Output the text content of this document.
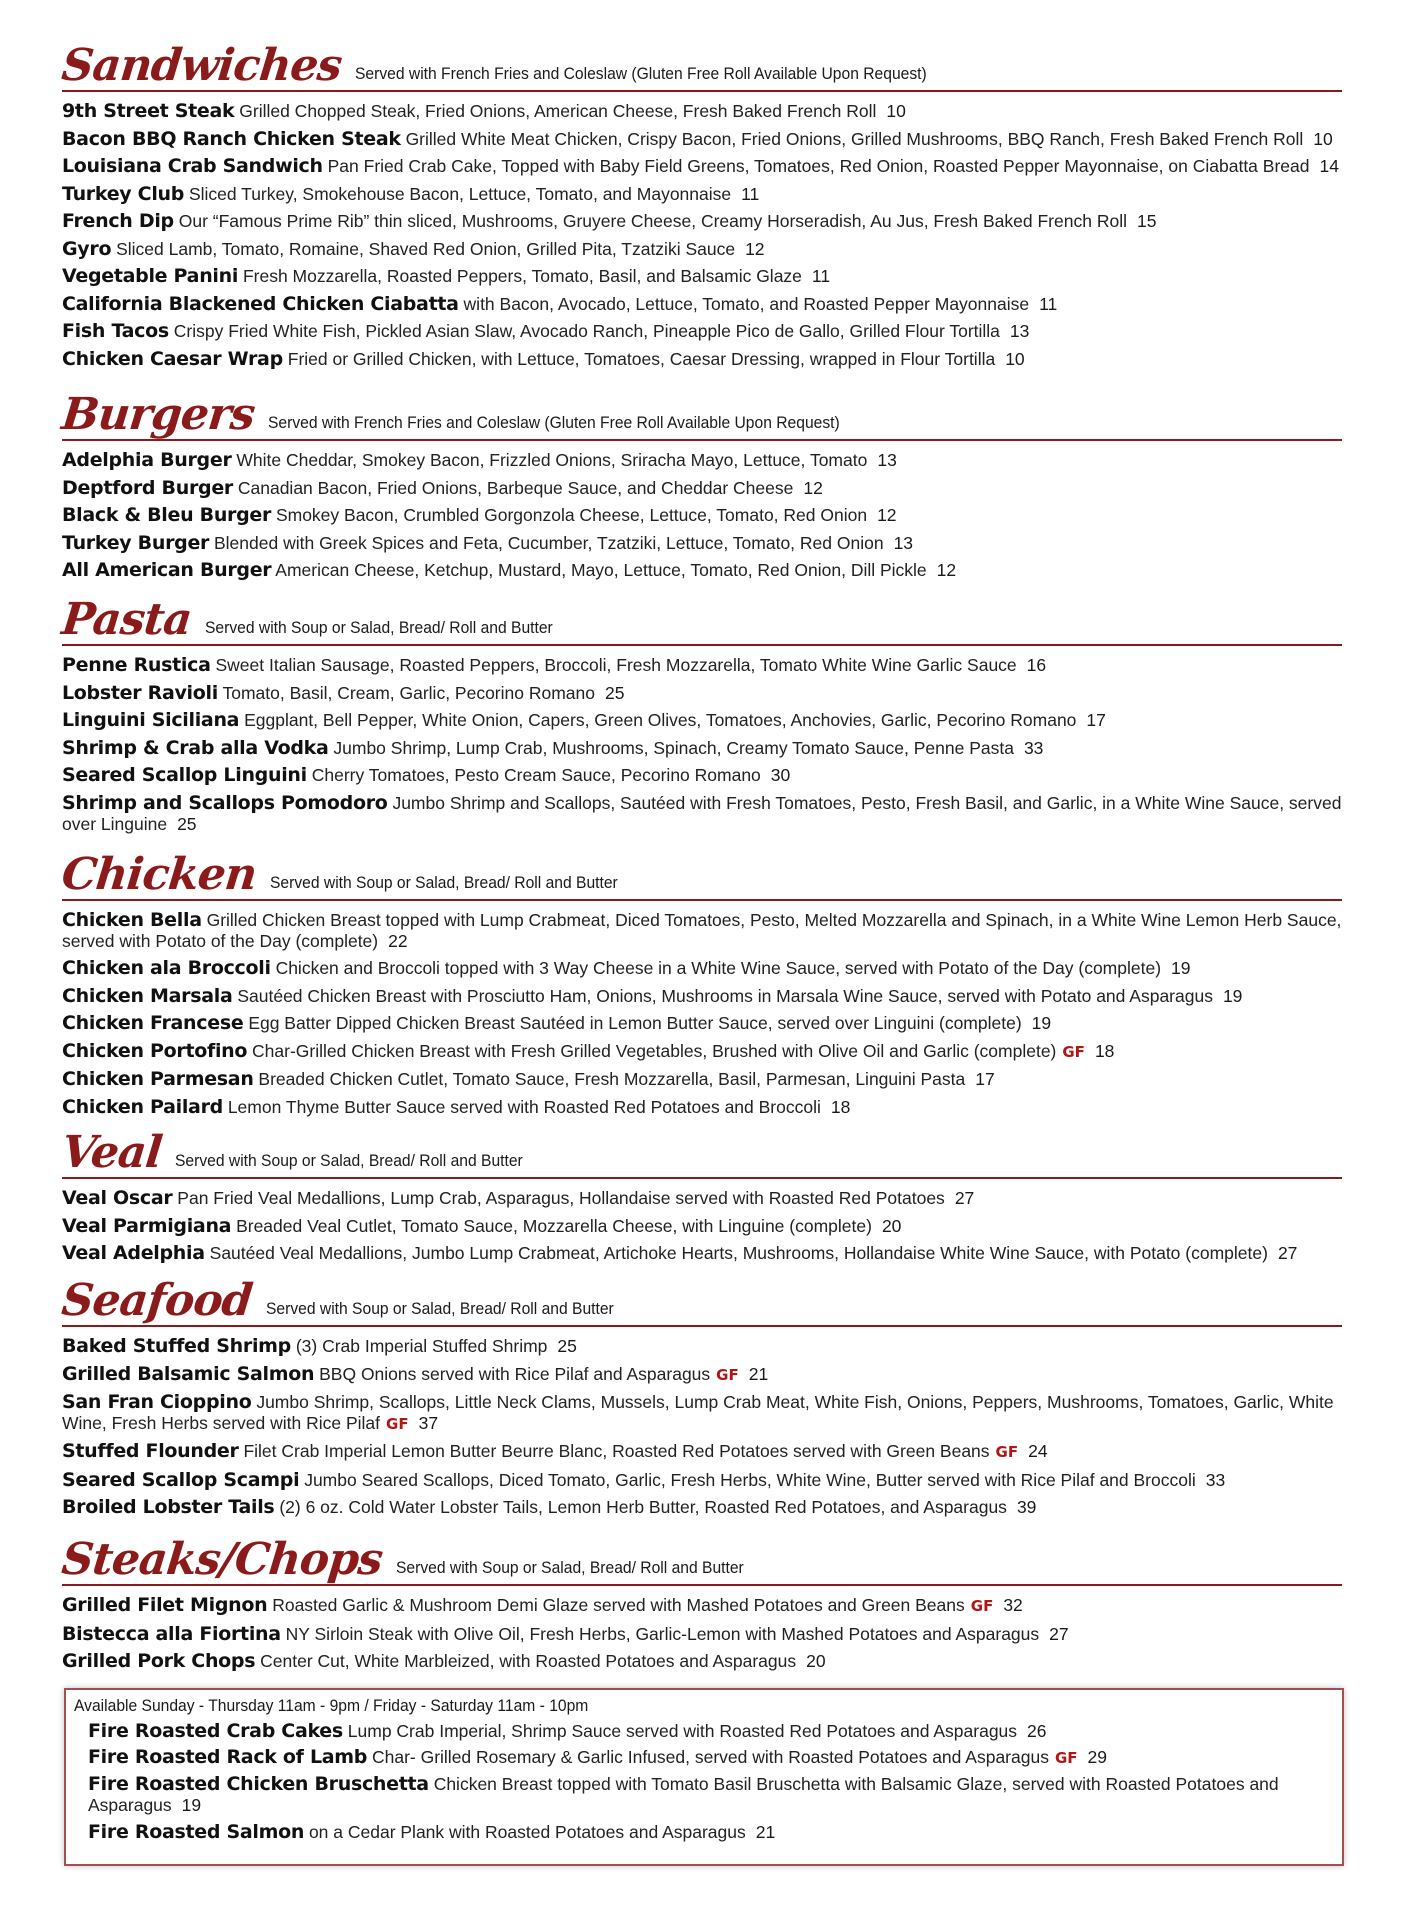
Sandwiches Served with French Fries and Coleslaw (Gluten Free Roll Available Upon Request)
9th Street Steak Grilled Chopped Steak, Fried Onions, American Cheese, Fresh Baked French Roll 10
Bacon BBQ Ranch Chicken Steak Grilled White Meat Chicken, Crispy Bacon, Fried Onions, Grilled Mushrooms, BBQ Ranch, Fresh Baked French Roll 10
Louisiana Crab Sandwich Pan Fried Crab Cake, Topped with Baby Field Greens, Tomatoes, Red Onion, Roasted Pepper Mayonnaise, on Ciabatta Bread 14
Turkey Club Sliced Turkey, Smokehouse Bacon, Lettuce, Tomato, and Mayonnaise 11
French Dip Our “Famous Prime Rib” thin sliced, Mushrooms, Gruyere Cheese, Creamy Horseradish, Au Jus, Fresh Baked French Roll 15
Gyro Sliced Lamb, Tomato, Romaine, Shaved Red Onion, Grilled Pita, Tzatziki Sauce 12
Vegetable Panini Fresh Mozzarella, Roasted Peppers, Tomato, Basil, and Balsamic Glaze 11
California Blackened Chicken Ciabatta with Bacon, Avocado, Lettuce, Tomato, and Roasted Pepper Mayonnaise 11
Fish Tacos Crispy Fried White Fish, Pickled Asian Slaw, Avocado Ranch, Pineapple Pico de Gallo, Grilled Flour Tortilla 13
Chicken Caesar Wrap Fried or Grilled Chicken, with Lettuce, Tomatoes, Caesar Dressing, wrapped in Flour Tortilla 10
Burgers Served with French Fries and Coleslaw (Gluten Free Roll Available Upon Request)
Adelphia Burger White Cheddar, Smokey Bacon, Frizzled Onions, Sriracha Mayo, Lettuce, Tomato 13
Deptford Burger Canadian Bacon, Fried Onions, Barbeque Sauce, and Cheddar Cheese 12
Black & Bleu Burger Smokey Bacon, Crumbled Gorgonzola Cheese, Lettuce, Tomato, Red Onion 12
Turkey Burger Blended with Greek Spices and Feta, Cucumber, Tzatziki, Lettuce, Tomato, Red Onion 13
All American Burger American Cheese, Ketchup, Mustard, Mayo, Lettuce, Tomato, Red Onion, Dill Pickle 12
Pasta Served with Soup or Salad, Bread/ Roll and Butter
Penne Rustica Sweet Italian Sausage, Roasted Peppers, Broccoli, Fresh Mozzarella, Tomato White Wine Garlic Sauce 16
Lobster Ravioli Tomato, Basil, Cream, Garlic, Pecorino Romano 25
Linguini Siciliana Eggplant, Bell Pepper, White Onion, Capers, Green Olives, Tomatoes, Anchovies, Garlic, Pecorino Romano 17
Shrimp & Crab alla Vodka Jumbo Shrimp, Lump Crab, Mushrooms, Spinach, Creamy Tomato Sauce, Penne Pasta 33
Seared Scallop Linguini Cherry Tomatoes, Pesto Cream Sauce, Pecorino Romano 30
Shrimp and Scallops Pomodoro Jumbo Shrimp and Scallops, Sautéed with Fresh Tomatoes, Pesto, Fresh Basil, and Garlic, in a White Wine Sauce, served over Linguine 25
Chicken Served with Soup or Salad, Bread/ Roll and Butter
Chicken Bella Grilled Chicken Breast topped with Lump Crabmeat, Diced Tomatoes, Pesto, Melted Mozzarella and Spinach, in a White Wine Lemon Herb Sauce, served with Potato of the Day (complete) 22
Chicken ala Broccoli Chicken and Broccoli topped with 3 Way Cheese in a White Wine Sauce, served with Potato of the Day (complete) 19
Chicken Marsala Sautéed Chicken Breast with Prosciutto Ham, Onions, Mushrooms in Marsala Wine Sauce, served with Potato and Asparagus 19
Chicken Francese Egg Batter Dipped Chicken Breast Sautéed in Lemon Butter Sauce, served over Linguini (complete) 19
Chicken Portofino Char-Grilled Chicken Breast with Fresh Grilled Vegetables, Brushed with Olive Oil and Garlic (complete) GF 18
Chicken Parmesan Breaded Chicken Cutlet, Tomato Sauce, Fresh Mozzarella, Basil, Parmesan, Linguini Pasta 17
Chicken Pailard Lemon Thyme Butter Sauce served with Roasted Red Potatoes and Broccoli 18
Veal Served with Soup or Salad, Bread/ Roll and Butter
Veal Oscar Pan Fried Veal Medallions, Lump Crab, Asparagus, Hollandaise served with Roasted Red Potatoes 27
Veal Parmigiana Breaded Veal Cutlet, Tomato Sauce, Mozzarella Cheese, with Linguine (complete) 20
Veal Adelphia Sautéed Veal Medallions, Jumbo Lump Crabmeat, Artichoke Hearts, Mushrooms, Hollandaise White Wine Sauce, with Potato (complete) 27
Seafood Served with Soup or Salad, Bread/ Roll and Butter
Baked Stuffed Shrimp (3) Crab Imperial Stuffed Shrimp 25
Grilled Balsamic Salmon BBQ Onions served with Rice Pilaf and Asparagus GF 21
San Fran Cioppino Jumbo Shrimp, Scallops, Little Neck Clams, Mussels, Lump Crab Meat, White Fish, Onions, Peppers, Mushrooms, Tomatoes, Garlic, White Wine, Fresh Herbs served with Rice Pilaf GF 37
Stuffed Flounder Filet Crab Imperial Lemon Butter Beurre Blanc, Roasted Red Potatoes served with Green Beans GF 24
Seared Scallop Scampi Jumbo Seared Scallops, Diced Tomato, Garlic, Fresh Herbs, White Wine, Butter served with Rice Pilaf and Broccoli 33
Broiled Lobster Tails (2) 6 oz. Cold Water Lobster Tails, Lemon Herb Butter, Roasted Red Potatoes, and Asparagus 39
Steaks/Chops Served with Soup or Salad, Bread/ Roll and Butter
Grilled Filet Mignon Roasted Garlic & Mushroom Demi Glaze served with Mashed Potatoes and Green Beans GF 32
Bistecca alla Fiortina NY Sirloin Steak with Olive Oil, Fresh Herbs, Garlic-Lemon with Mashed Potatoes and Asparagus 27
Grilled Pork Chops Center Cut, White Marbleized, with Roasted Potatoes and Asparagus 20
Available Sunday - Thursday 11am - 9pm / Friday - Saturday 11am - 10pm
Fire Roasted Crab Cakes Lump Crab Imperial, Shrimp Sauce served with Roasted Red Potatoes and Asparagus 26
Fire Roasted Rack of Lamb Char- Grilled Rosemary & Garlic Infused, served with Roasted Potatoes and Asparagus GF 29
Fire Roasted Chicken Bruschetta Chicken Breast topped with Tomato Basil Bruschetta with Balsamic Glaze, served with Roasted Potatoes and Asparagus 19
Fire Roasted Salmon on a Cedar Plank with Roasted Potatoes and Asparagus 21
